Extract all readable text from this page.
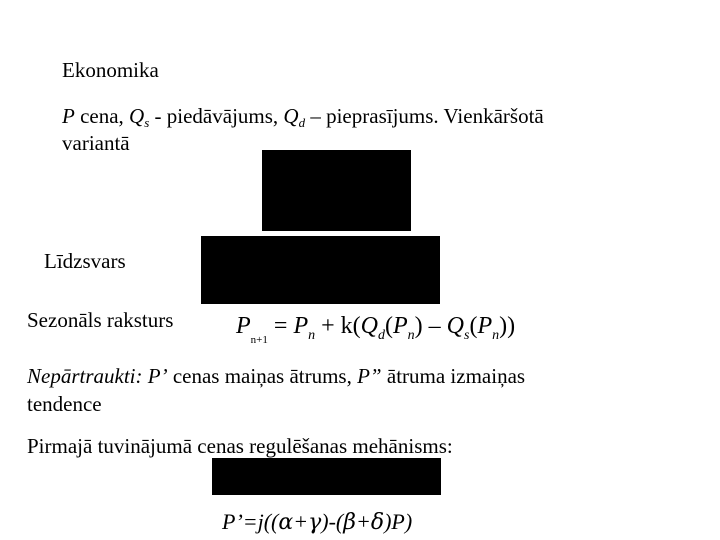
Ekonomika
P cena, $Q_s$ - piedāvājums, $Q_d$ – pieprasījums. Vienkāršotā
variantā
Līdzsvars
Sezonāls raksturs	$P_{n+1} = P_n + k(Q_d(P_n) - Q_s(P_n))$
Nepārtraukti: P’ cenas maiņas ātrums, P” ātruma izmaiņas
tendence
Pirmajā tuvinājumā cenas regulēšanas mehānisms:
P’=j((α+γ)-(β+δ)P)
